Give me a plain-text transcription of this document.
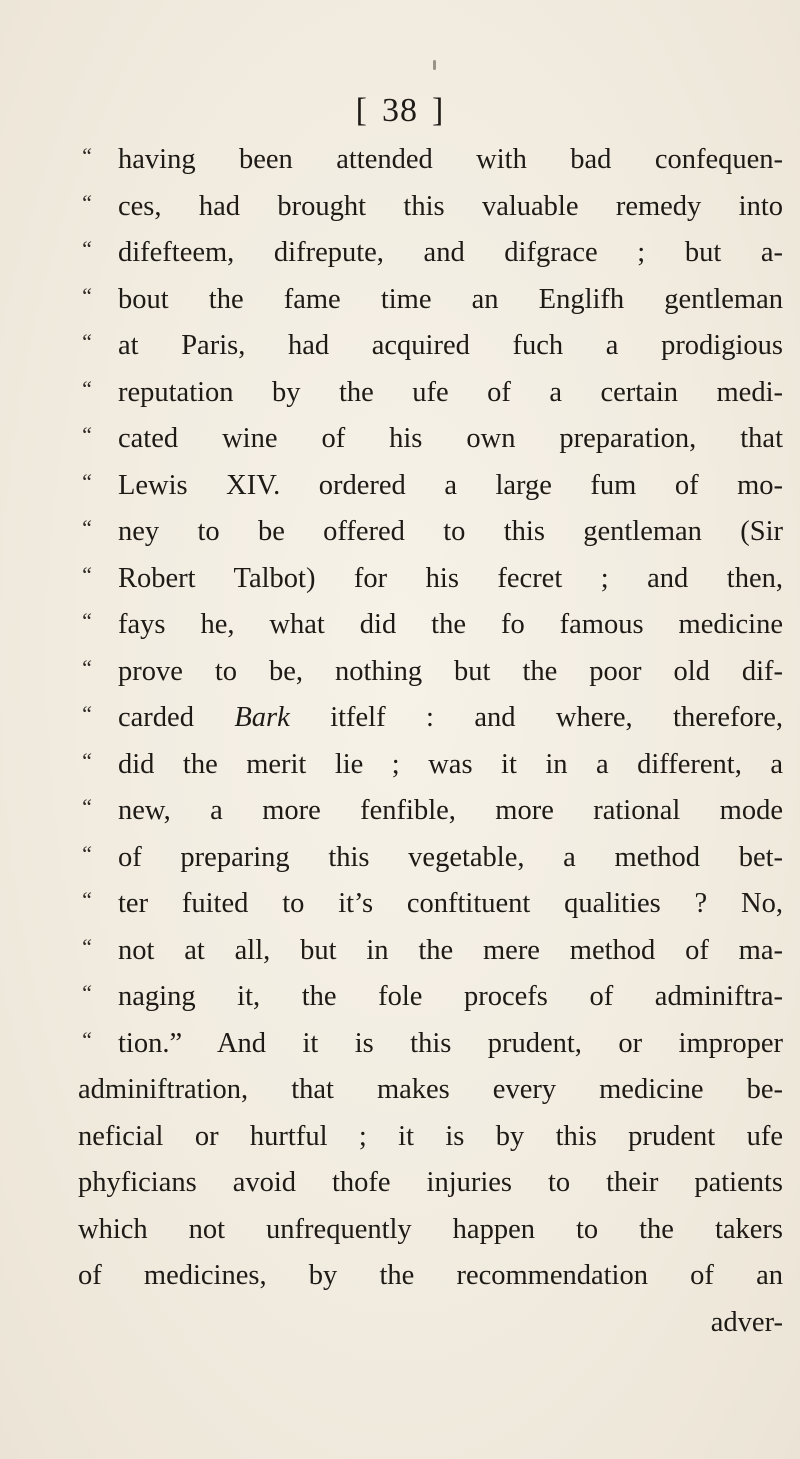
[ 38 ]
“ having been attended with bad confequen-
“ ces, had brought this valuable remedy into
“ difefteem, difrepute, and difgrace ; but a-
“ bout the fame time an Englifh gentleman
“ at Paris, had acquired fuch a prodigious
“ reputation by the ufe of a certain medi-
“ cated wine of his own preparation, that
“ Lewis XIV. ordered a large fum of mo-
“ ney to be offered to this gentleman (Sir
“ Robert Talbot) for his fecret ; and then,
“ fays he, what did the fo famous medicine
“ prove to be, nothing but the poor old dif-
“ carded Bark itfelf : and where, therefore,
“ did the merit lie ; was it in a different, a
“ new, a more fenfible, more rational mode
“ of preparing this vegetable, a method bet-
“ ter fuited to it’s conftituent qualities ? No,
“ not at all, but in the mere method of ma-
“ naging it, the fole procefs of adminiftra-
“ tion.” And it is this prudent, or improper
adminiftration, that makes every medicine be-
neficial or hurtful ; it is by this prudent ufe
phyficians avoid thofe injuries to their patients
which not unfrequently happen to the takers
of medicines, by the recommendation of an
adver-
